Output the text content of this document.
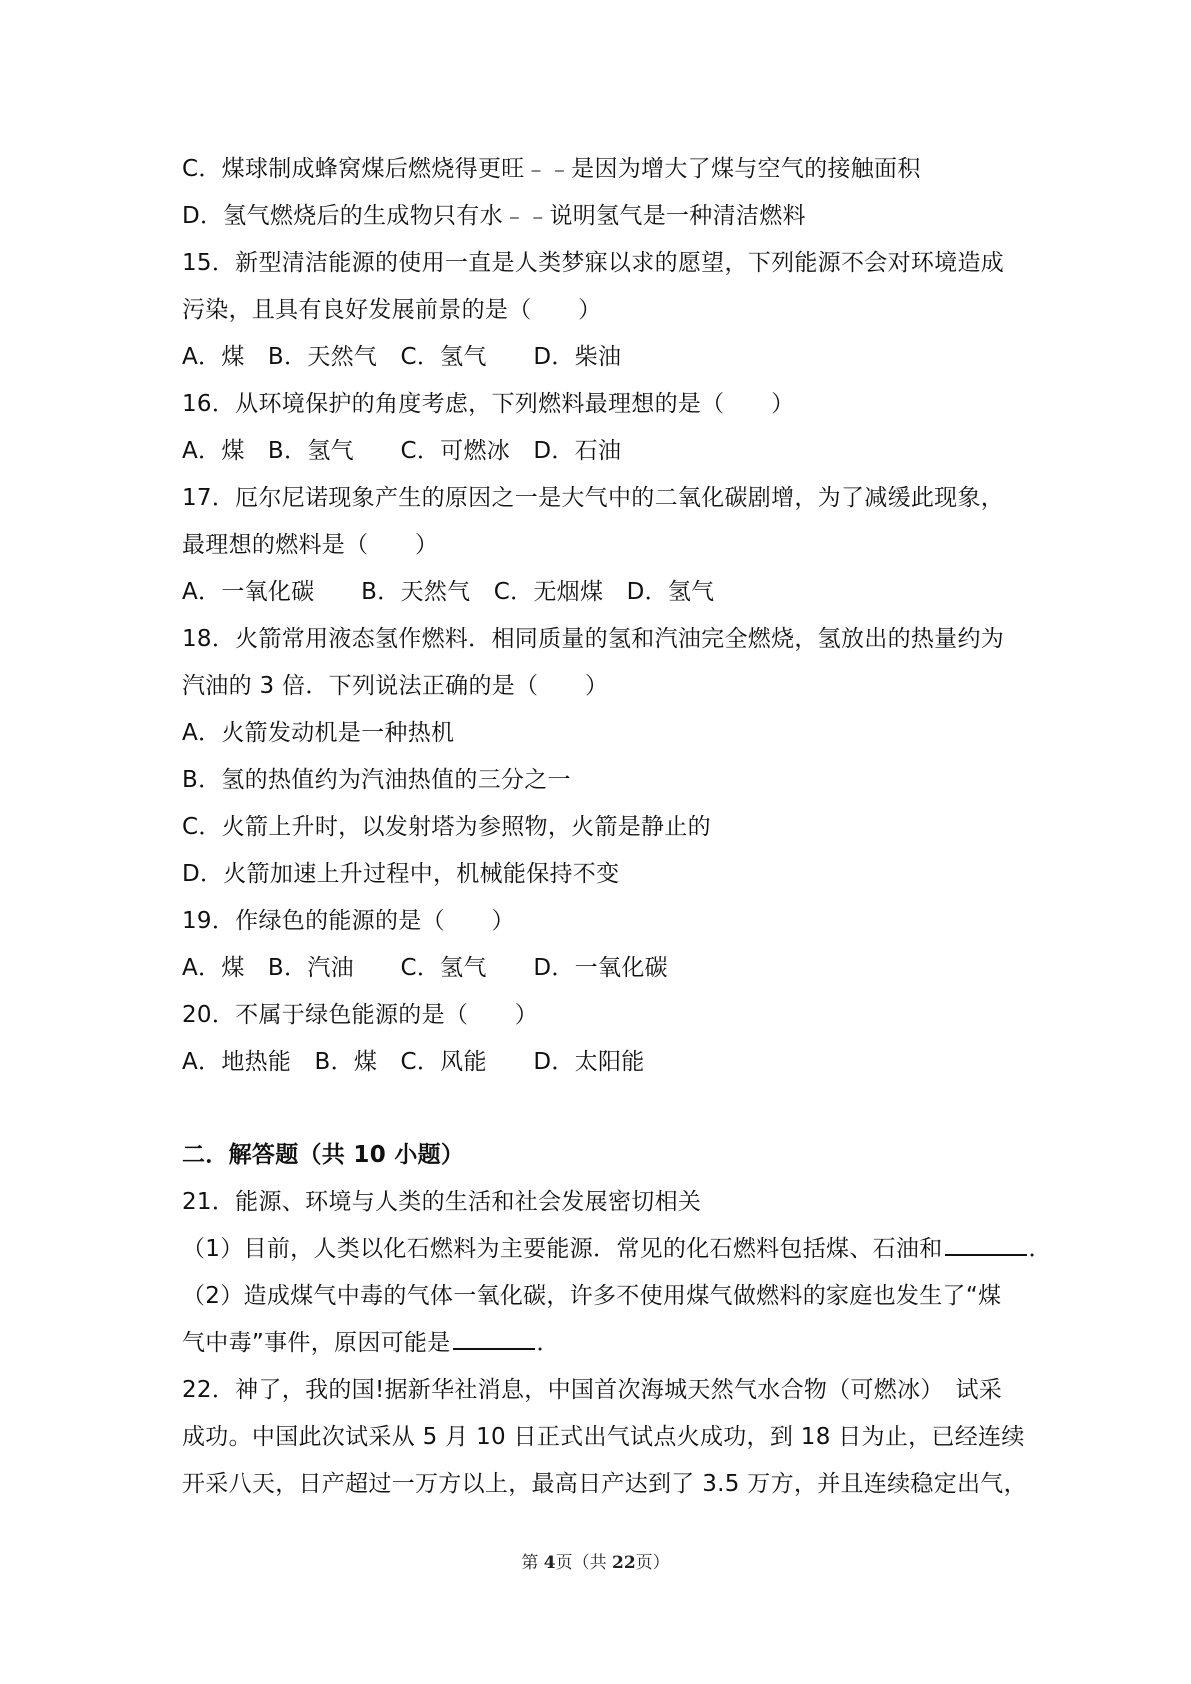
C．煤球制成蜂窝煤后燃烧得更旺﹣﹣是因为增大了煤与空气的接触面积
D．氢气燃烧后的生成物只有水﹣﹣说明氢气是一种清洁燃料
15．新型清洁能源的使用一直是人类梦寐以求的愿望，下列能源不会对环境造成
污染，且具有良好发展前景的是（　　）
A．煤　B．天然气　C．氢气　　D．柴油
16．从环境保护的角度考虑，下列燃料最理想的是（　　）
A．煤　B．氢气　　C．可燃冰　D．石油
17．厄尔尼诺现象产生的原因之一是大气中的二氧化碳剧增，为了减缓此现象，
最理想的燃料是（　　）
A．一氧化碳　　B．天然气　C．无烟煤　D．氢气
18．火箭常用液态氢作燃料．相同质量的氢和汽油完全燃烧，氢放出的热量约为
汽油的 3 倍．下列说法正确的是（　　）
A．火箭发动机是一种热机
B．氢的热值约为汽油热值的三分之一
C．火箭上升时，以发射塔为参照物，火箭是静止的
D．火箭加速上升过程中，机械能保持不变
19．作绿色的能源的是（　　）
A．煤　B．汽油　　C．氢气　　D．一氧化碳
20．不属于绿色能源的是（　　）
A．地热能　B．煤　C．风能　　D．太阳能
二．解答题（共 10 小题）
21．能源、环境与人类的生活和社会发展密切相关
（1）目前，人类以化石燃料为主要能源．常见的化石燃料包括煤、石油和	．
（2）造成煤气中毒的气体一氧化碳，许多不使用煤气做燃料的家庭也发生了“煤
气中毒”事件，原因可能是	．
22．神了，我的国!据新华社消息，中国首次海城天然气水合物（可燃冰）　试采
成功。中国此次试采从 5 月 10 日正式出气试点火成功，到 18 日为止，已经连续
开采八天，日产超过一万方以上，最高日产达到了 3.5 万方，并且连续稳定出气，
第 4页（共 22页）
